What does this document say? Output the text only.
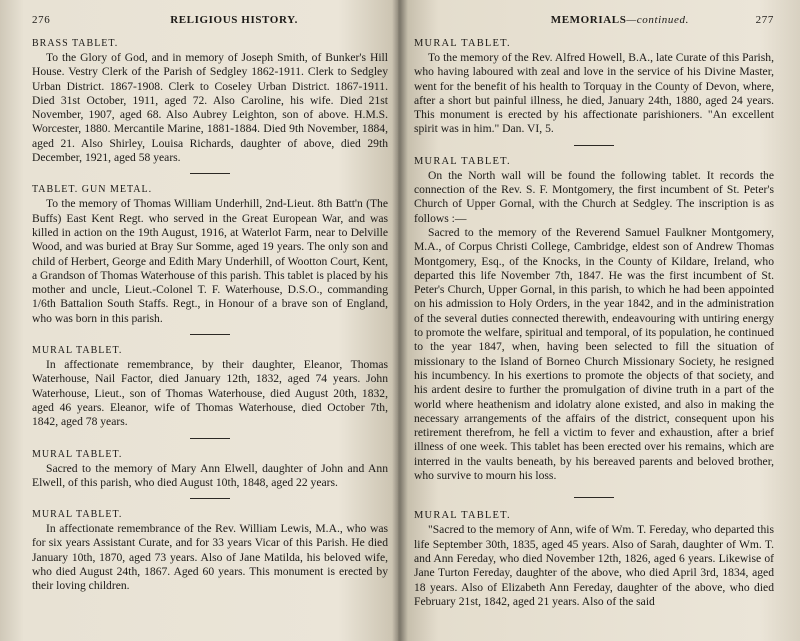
276	RELIGIOUS HISTORY.
BRASS TABLET.

To the Glory of God, and in memory of Joseph Smith, of Bunker's Hill House. Vestry Clerk of the Parish of Sedgley 1862-1911. Clerk to Sedgley Urban District. 1867-1908. Clerk to Coseley Urban District. 1867-1911. Died 31st October, 1911, aged 72. Also Caroline, his wife. Died 21st November, 1907, aged 68. Also Aubrey Leighton, son of above. H.M.S. Worcester, 1880. Mercantile Marine, 1881-1884. Died 9th November, 1884, aged 21. Also Shirley, Louisa Richards, daughter of above, died 29th December, 1921, aged 58 years.

TABLET. GUN METAL.

To the memory of Thomas William Underhill, 2nd-Lieut. 8th Batt'n (The Buffs) East Kent Regt. who served in the Great European War, and was killed in action on the 19th August, 1916, at Waterlot Farm, near to Delville Wood, and was buried at Bray Sur Somme, aged 19 years. The only son and child of Herbert, George and Edith Mary Underhill, of Wootton Court, Kent, a Grandson of Thomas Waterhouse of this parish. This tablet is placed by his mother and uncle, Lieut.-Colonel T. F. Waterhouse, D.S.O., commanding 1/6th Battalion South Staffs. Regt., in Honour of a brave son of England, who was born in this parish.

MURAL TABLET.

In affectionate remembrance, by their daughter, Eleanor, Thomas Waterhouse, Nail Factor, died January 12th, 1832, aged 74 years. John Waterhouse, Lieut., son of Thomas Waterhouse, died August 20th, 1832, aged 46 years. Eleanor, wife of Thomas Waterhouse, died October 7th, 1842, aged 78 years.

MURAL TABLET.

Sacred to the memory of Mary Ann Elwell, daughter of John and Ann Elwell, of this parish, who died August 10th, 1848, aged 22 years.

MURAL TABLET.

In affectionate remembrance of the Rev. William Lewis, M.A., who was for six years Assistant Curate, and for 33 years Vicar of this Parish. He died January 10th, 1870, aged 73 years. Also of Jane Matilda, his beloved wife, who died August 24th, 1867. Aged 60 years. This monument is erected by their loving children.

MEMORIALS—continued.	277
MURAL TABLET.

To the memory of the Rev. Alfred Howell, B.A., late Curate of this Parish, who having laboured with zeal and love in the service of his Divine Master, went for the benefit of his health to Torquay in the County of Devon, where, after a short but painful illness, he died, January 24th, 1880, aged 24 years. This monument is erected by his affectionate parishioners. "An excellent spirit was in him." Dan. VI, 5.

MURAL TABLET.

On the North wall will be found the following tablet. It records the connection of the Rev. S. F. Montgomery, the first incumbent of St. Peter's Church of Upper Gornal, with the Church at Sedgley. The inscription is as follows :—

Sacred to the memory of the Reverend Samuel Faulkner Montgomery, M.A., of Corpus Christi College, Cambridge, eldest son of Andrew Thomas Montgomery, Esq., of the Knocks, in the County of Kildare, Ireland, who departed this life November 7th, 1847. He was the first incumbent of St. Peter's Church, Upper Gornal, in this parish, to which he had been appointed on his admission to Holy Orders, in the year 1842, and in the administration of the several duties connected therewith, endeavouring with untiring energy to promote the welfare, spiritual and temporal, of its population, he continued to the year 1847, when, having been selected to fill the situation of missionary to the Island of Borneo Church Missionary Society, he resigned his incumbency. In his exertions to promote the objects of that society, and his ardent desire to further the promulgation of divine truth in a part of the world where heathenism and idolatry alone existed, and also in making the necessary arrangements of the affairs of the district, consequent upon his retirement therefrom, he fell a victim to fever and exhaustion, after a brief illness of one week. This tablet has been erected over his remains, which are interred in the vaults beneath, by his bereaved parents and beloved brother, who survive to mourn his loss.

MURAL TABLET.

"Sacred to the memory of Ann, wife of Wm. T. Fereday, who departed this life September 30th, 1835, aged 45 years. Also of Sarah, daughter of Wm. T. and Ann Fereday, who died November 12th, 1826, aged 6 years. Likewise of Jane Turton Fereday, daughter of the above, who died April 3rd, 1834, aged 18 years. Also of Elizabeth Ann Fereday, daughter of the above, who died February 21st, 1842, aged 21 years. Also of the said
